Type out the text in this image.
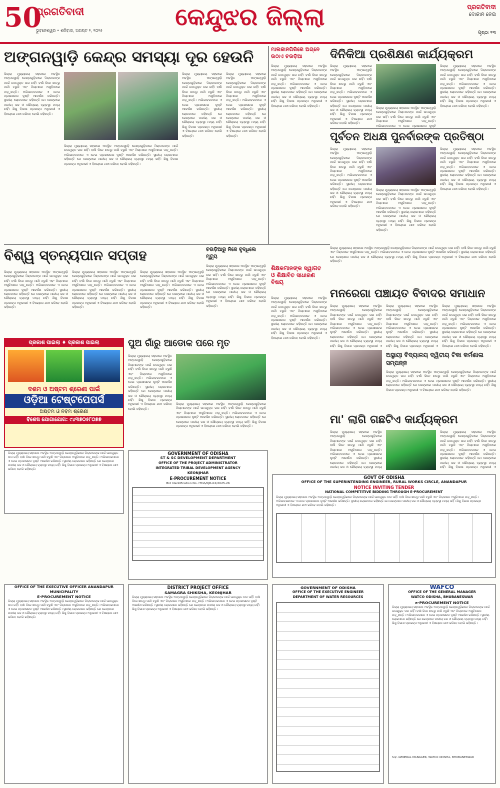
50
ପ୍ରଗତିବାଦୀ
ଭୁବନେଶ୍ୱର • ଶନିବାର, ଅଗଷ୍ଟ ୨, ୨୦୨୫	କେନ୍ଦୁଝର ଜିଲ୍ଲା	ପ୍ରଗତିବାଦୀ
ଦୋକାନ ନେଇ
ପୃଷ୍ଠା ୧୩
ଅଙ୍ଗନୱାଡ଼ି କେନ୍ଦ୍ର ସମସ୍ୟା ଦୂର ହେଉନି
ଜିଲ୍ଲା ମୁଖ୍ୟାଳୟ ସହରରେ ଅବସ୍ଥିତ ଅଙ୍ଗନୱାଡ଼ି କେନ୍ଦ୍ରଗୁଡ଼ିକରେ ପିଲାମାନଙ୍କ ପାଇଁ ଉପଯୁକ୍ତ ଘର ନାହିଁ। ବର୍ଷା ଦିନେ ଛାତରୁ ପାଣି ଝରୁଛି ଏବଂ ପିଲାମାନେ ଅସୁବିଧାରେ ପଡ଼ୁଛନ୍ତି। ଅଭିଭାବକମାନେ ଏ ନେଇ ପ୍ରଶାସନର ଦୃଷ୍ଟି ଆକର୍ଷଣ କରିଛନ୍ତି। ସ୍ଥାନୀୟ ଲୋକମାନେ କହିଛନ୍ତି ଯେ କେନ୍ଦ୍ରରେ ପାନୀୟ ଜଳ ଓ ଶୌଚାଳୟ ବ୍ୟବସ୍ଥା ମଧ୍ୟ ନାହିଁ। ଶିଶୁ ବିକାଶ ପ୍ରକଳ୍ପ ଅଧିକାରୀ ଏ ବିଷୟରେ ଯାଞ୍ଚ କରିବେ ବୋଲି କହିଛନ୍ତି।
ଜିଲ୍ଲା ମୁଖ୍ୟାଳୟ ସହରରେ ଅବସ୍ଥିତ ଅଙ୍ଗନୱାଡ଼ି କେନ୍ଦ୍ରଗୁଡ଼ିକରେ ପିଲାମାନଙ୍କ ପାଇଁ ଉପଯୁକ୍ତ ଘର ନାହିଁ। ବର୍ଷା ଦିନେ ଛାତରୁ ପାଣି ଝରୁଛି ଏବଂ ପିଲାମାନେ ଅସୁବିଧାରେ ପଡ଼ୁଛନ୍ତି। ଅଭିଭାବକମାନେ ଏ ନେଇ ପ୍ରଶାସନର ଦୃଷ୍ଟି ଆକର୍ଷଣ କରିଛନ୍ତି। ସ୍ଥାନୀୟ ଲୋକମାନେ କହିଛନ୍ତି ଯେ କେନ୍ଦ୍ରରେ ପାନୀୟ ଜଳ ଓ ଶୌଚାଳୟ ବ୍ୟବସ୍ଥା ମଧ୍ୟ ନାହିଁ। ଶିଶୁ ବିକାଶ ପ୍ରକଳ୍ପ ଅଧିକାରୀ ଏ ବିଷୟରେ ଯାଞ୍ଚ କରିବେ ବୋଲି କହିଛନ୍ତି।
ଜିଲ୍ଲା ମୁଖ୍ୟାଳୟ ସହରରେ ଅବସ୍ଥିତ ଅଙ୍ଗନୱାଡ଼ି କେନ୍ଦ୍ରଗୁଡ଼ିକରେ ପିଲାମାନଙ୍କ ପାଇଁ ଉପଯୁକ୍ତ ଘର ନାହିଁ। ବର୍ଷା ଦିନେ ଛାତରୁ ପାଣି ଝରୁଛି ଏବଂ ପିଲାମାନେ ଅସୁବିଧାରେ ପଡ଼ୁଛନ୍ତି। ଅଭିଭାବକମାନେ ଏ ନେଇ ପ୍ରଶାସନର ଦୃଷ୍ଟି ଆକର୍ଷଣ କରିଛନ୍ତି। ସ୍ଥାନୀୟ ଲୋକମାନେ କହିଛନ୍ତି ଯେ କେନ୍ଦ୍ରରେ ପାନୀୟ ଜଳ ଓ ଶୌଚାଳୟ ବ୍ୟବସ୍ଥା ମଧ୍ୟ ନାହିଁ। ଶିଶୁ ବିକାଶ ପ୍ରକଳ୍ପ ଅଧିକାରୀ ଏ ବିଷୟରେ ଯାଞ୍ଚ କରିବେ ବୋଲି କହିଛନ୍ତି।
ଜିଲ୍ଲା ମୁଖ୍ୟାଳୟ ସହରରେ ଅବସ୍ଥିତ ଅଙ୍ଗନୱାଡ଼ି କେନ୍ଦ୍ରଗୁଡ଼ିକରେ ପିଲାମାନଙ୍କ ପାଇଁ ଉପଯୁକ୍ତ ଘର ନାହିଁ। ବର୍ଷା ଦିନେ ଛାତରୁ ପାଣି ଝରୁଛି ଏବଂ ପିଲାମାନେ ଅସୁବିଧାରେ ପଡ଼ୁଛନ୍ତି। ଅଭିଭାବକମାନେ ଏ ନେଇ ପ୍ରଶାସନର ଦୃଷ୍ଟି ଆକର୍ଷଣ କରିଛନ୍ତି। ସ୍ଥାନୀୟ ଲୋକମାନେ କହିଛନ୍ତି ଯେ କେନ୍ଦ୍ରରେ ପାନୀୟ ଜଳ ଓ ଶୌଚାଳୟ ବ୍ୟବସ୍ଥା ମଧ୍ୟ ନାହିଁ। ଶିଶୁ ବିକାଶ ପ୍ରକଳ୍ପ ଅଧିକାରୀ ଏ ବିଷୟରେ ଯାଞ୍ଚ କରିବେ ବୋଲି କହିଛନ୍ତି।
ମାଲକାନଗିରିରେ ଅଗ୍ନେ ଉଠାଏ ଚଉଡ଼ିଆ
ଜିଲ୍ଲା ମୁଖ୍ୟାଳୟ ସହରରେ ଅବସ୍ଥିତ ଅଙ୍ଗନୱାଡ଼ି କେନ୍ଦ୍ରଗୁଡ଼ିକରେ ପିଲାମାନଙ୍କ ପାଇଁ ଉପଯୁକ୍ତ ଘର ନାହିଁ। ବର୍ଷା ଦିନେ ଛାତରୁ ପାଣି ଝରୁଛି ଏବଂ ପିଲାମାନେ ଅସୁବିଧାରେ ପଡ଼ୁଛନ୍ତି। ଅଭିଭାବକମାନେ ଏ ନେଇ ପ୍ରଶାସନର ଦୃଷ୍ଟି ଆକର୍ଷଣ କରିଛନ୍ତି। ସ୍ଥାନୀୟ ଲୋକମାନେ କହିଛନ୍ତି ଯେ କେନ୍ଦ୍ରରେ ପାନୀୟ ଜଳ ଓ ଶୌଚାଳୟ ବ୍ୟବସ୍ଥା ମଧ୍ୟ ନାହିଁ। ଶିଶୁ ବିକାଶ ପ୍ରକଳ୍ପ ଅଧିକାରୀ ଏ ବିଷୟରେ ଯାଞ୍ଚ କରିବେ ବୋଲି କହିଛନ୍ତି।
ଦିନିକିଆ ପ୍ରଶିକ୍ଷଣ କାର୍ଯ୍ୟକ୍ରମ
ଜିଲ୍ଲା ମୁଖ୍ୟାଳୟ ସହରରେ ଅବସ୍ଥିତ ଅଙ୍ଗନୱାଡ଼ି କେନ୍ଦ୍ରଗୁଡ଼ିକରେ ପିଲାମାନଙ୍କ ପାଇଁ ଉପଯୁକ୍ତ ଘର ନାହିଁ। ବର୍ଷା ଦିନେ ଛାତରୁ ପାଣି ଝରୁଛି ଏବଂ ପିଲାମାନେ ଅସୁବିଧାରେ ପଡ଼ୁଛନ୍ତି। ଅଭିଭାବକମାନେ ଏ ନେଇ ପ୍ରଶାସନର ଦୃଷ୍ଟି ଆକର୍ଷଣ କରିଛନ୍ତି। ସ୍ଥାନୀୟ ଲୋକମାନେ କହିଛନ୍ତି ଯେ କେନ୍ଦ୍ରରେ ପାନୀୟ ଜଳ ଓ ଶୌଚାଳୟ ବ୍ୟବସ୍ଥା ମଧ୍ୟ ନାହିଁ। ଶିଶୁ ବିକାଶ ପ୍ରକଳ୍ପ ଅଧିକାରୀ ଏ ବିଷୟରେ ଯାଞ୍ଚ କରିବେ ବୋଲି କହିଛନ୍ତି।
ଜିଲ୍ଲା ମୁଖ୍ୟାଳୟ ସହରରେ ଅବସ୍ଥିତ ଅଙ୍ଗନୱାଡ଼ି କେନ୍ଦ୍ରଗୁଡ଼ିକରେ ପିଲାମାନଙ୍କ ପାଇଁ ଉପଯୁକ୍ତ ଘର ନାହିଁ। ବର୍ଷା ଦିନେ ଛାତରୁ ପାଣି ଝରୁଛି ଏବଂ ପିଲାମାନେ ଅସୁବିଧାରେ ପଡ଼ୁଛନ୍ତି। ଅଭିଭାବକମାନେ ଏ ନେଇ ପ୍ରଶାସନର ଦୃଷ୍ଟି ଆକର୍ଷଣ କରିଛନ୍ତି। ସ୍ଥାନୀୟ ଲୋକମାନେ କହିଛନ୍ତି ଯେ କେନ୍ଦ୍ରରେ ପାନୀୟ ଜଳ ଓ ଶୌଚାଳୟ ବ୍ୟବସ୍ଥା ମଧ୍ୟ ନାହିଁ। ଶିଶୁ ବିକାଶ ପ୍ରକଳ୍ପ ଅଧିକାରୀ ଏ ବିଷୟରେ ଯାଞ୍ଚ କରିବେ ବୋଲି କହିଛନ୍ତି।
ଜିଲ୍ଲା ମୁଖ୍ୟାଳୟ ସହରରେ ଅବସ୍ଥିତ ଅଙ୍ଗନୱାଡ଼ି କେନ୍ଦ୍ରଗୁଡ଼ିକରେ ପିଲାମାନଙ୍କ ପାଇଁ ଉପଯୁକ୍ତ ଘର ନାହିଁ। ବର୍ଷା ଦିନେ ଛାତରୁ ପାଣି ଝରୁଛି ଏବଂ ପିଲାମାନେ ଅସୁବିଧାରେ ପଡ଼ୁଛନ୍ତି। ଅଭିଭାବକମାନେ ଏ ନେଇ ପ୍ରଶାସନର ଦୃଷ୍ଟି
ପୂର୍ବତନ ଅଧକ୍ଷ ପୁନର୍ବାରଙ୍କ ପ୍ରତିଷ୍ଠା
ଜିଲ୍ଲା ମୁଖ୍ୟାଳୟ ସହରରେ ଅବସ୍ଥିତ ଅଙ୍ଗନୱାଡ଼ି କେନ୍ଦ୍ରଗୁଡ଼ିକରେ ପିଲାମାନଙ୍କ ପାଇଁ ଉପଯୁକ୍ତ ଘର ନାହିଁ। ବର୍ଷା ଦିନେ ଛାତରୁ ପାଣି ଝରୁଛି ଏବଂ ପିଲାମାନେ ଅସୁବିଧାରେ ପଡ଼ୁଛନ୍ତି। ଅଭିଭାବକମାନେ ଏ ନେଇ ପ୍ରଶାସନର ଦୃଷ୍ଟି ଆକର୍ଷଣ କରିଛନ୍ତି। ସ୍ଥାନୀୟ ଲୋକମାନେ କହିଛନ୍ତି ଯେ କେନ୍ଦ୍ରରେ ପାନୀୟ ଜଳ ଓ ଶୌଚାଳୟ ବ୍ୟବସ୍ଥା ମଧ୍ୟ ନାହିଁ। ଶିଶୁ ବିକାଶ ପ୍ରକଳ୍ପ ଅଧିକାରୀ ଏ ବିଷୟରେ ଯାଞ୍ଚ କରିବେ ବୋଲି କହିଛନ୍ତି।
ଜିଲ୍ଲା ମୁଖ୍ୟାଳୟ ସହରରେ ଅବସ୍ଥିତ ଅଙ୍ଗନୱାଡ଼ି କେନ୍ଦ୍ରଗୁଡ଼ିକରେ ପିଲାମାନଙ୍କ ପାଇଁ ଉପଯୁକ୍ତ ଘର ନାହିଁ। ବର୍ଷା ଦିନେ ଛାତରୁ ପାଣି ଝରୁଛି ଏବଂ ପିଲାମାନେ ଅସୁବିଧାରେ ପଡ଼ୁଛନ୍ତି। ଅଭିଭାବକମାନେ ଏ ନେଇ ପ୍ରଶାସନର ଦୃଷ୍ଟି ଆକର୍ଷଣ କରିଛନ୍ତି। ସ୍ଥାନୀୟ ଲୋକମାନେ କହିଛନ୍ତି ଯେ କେନ୍ଦ୍ରରେ ପାନୀୟ ଜଳ ଓ ଶୌଚାଳୟ ବ୍ୟବସ୍ଥା ମଧ୍ୟ ନାହିଁ। ଶିଶୁ ବିକାଶ ପ୍ରକଳ୍ପ ଅଧିକାରୀ ଏ ବିଷୟରେ ଯାଞ୍ଚ କରିବେ ବୋଲି କହିଛନ୍ତି।
ଜିଲ୍ଲା ମୁଖ୍ୟାଳୟ ସହରରେ ଅବସ୍ଥିତ ଅଙ୍ଗନୱାଡ଼ି କେନ୍ଦ୍ରଗୁଡ଼ିକରେ ପିଲାମାନଙ୍କ ପାଇଁ ଉପଯୁକ୍ତ ଘର ନାହିଁ। ବର୍ଷା ଦିନେ ଛାତରୁ ପାଣି ଝରୁଛି ଏବଂ ପିଲାମାନେ ଅସୁବିଧାରେ ପଡ଼ୁଛନ୍ତି। ଅଭିଭାବକମାନେ ଏ ନେଇ ପ୍ରଶାସନର ଦୃଷ୍ଟି ଆକର୍ଷଣ କରିଛନ୍ତି। ସ୍ଥାନୀୟ ଲୋକମାନେ କହିଛନ୍ତି ଯେ କେନ୍ଦ୍ରରେ ପାନୀୟ ଜଳ ଓ ଶୌଚାଳୟ ବ୍ୟବସ୍ଥା ମଧ୍ୟ ନାହିଁ। ଶିଶୁ ବିକାଶ ପ୍ରକଳ୍ପ ଅଧିକାରୀ ଏ ବିଷୟରେ ଯାଞ୍ଚ କରିବେ ବୋଲି କହିଛନ୍ତି।
ବିଶ୍ୱ ସ୍ତନ୍ୟପାନ ସପ୍ତାହ	ଚଉଡ଼ିଆରୁ ନିଜେ ବୃଦ୍ଧିଲେ ମୃତ୍ୟୁ
ଜିଲ୍ଲା ମୁଖ୍ୟାଳୟ ସହରରେ ଅବସ୍ଥିତ ଅଙ୍ଗନୱାଡ଼ି କେନ୍ଦ୍ରଗୁଡ଼ିକରେ ପିଲାମାନଙ୍କ ପାଇଁ ଉପଯୁକ୍ତ ଘର ନାହିଁ। ବର୍ଷା ଦିନେ ଛାତରୁ ପାଣି ଝରୁଛି ଏବଂ ପିଲାମାନେ ଅସୁବିଧାରେ ପଡ଼ୁଛନ୍ତି। ଅଭିଭାବକମାନେ ଏ ନେଇ ପ୍ରଶାସନର ଦୃଷ୍ଟି ଆକର୍ଷଣ କରିଛନ୍ତି। ସ୍ଥାନୀୟ ଲୋକମାନେ କହିଛନ୍ତି ଯେ କେନ୍ଦ୍ରରେ ପାନୀୟ ଜଳ ଓ ଶୌଚାଳୟ ବ୍ୟବସ୍ଥା ମଧ୍ୟ ନାହିଁ। ଶିଶୁ ବିକାଶ ପ୍ରକଳ୍ପ ଅଧିକାରୀ ଏ ବିଷୟରେ ଯାଞ୍ଚ କରିବେ ବୋଲି କହିଛନ୍ତି।
ଜିଲ୍ଲା ମୁଖ୍ୟାଳୟ ସହରରେ ଅବସ୍ଥିତ ଅଙ୍ଗନୱାଡ଼ି କେନ୍ଦ୍ରଗୁଡ଼ିକରେ ପିଲାମାନଙ୍କ ପାଇଁ ଉପଯୁକ୍ତ ଘର ନାହିଁ। ବର୍ଷା ଦିନେ ଛାତରୁ ପାଣି ଝରୁଛି ଏବଂ ପିଲାମାନେ ଅସୁବିଧାରେ ପଡ଼ୁଛନ୍ତି। ଅଭିଭାବକମାନେ ଏ ନେଇ ପ୍ରଶାସନର ଦୃଷ୍ଟି ଆକର୍ଷଣ କରିଛନ୍ତି। ସ୍ଥାନୀୟ ଲୋକମାନେ କହିଛନ୍ତି ଯେ କେନ୍ଦ୍ରରେ ପାନୀୟ ଜଳ ଓ ଶୌଚାଳୟ ବ୍ୟବସ୍ଥା ମଧ୍ୟ ନାହିଁ। ଶିଶୁ ବିକାଶ ପ୍ରକଳ୍ପ ଅଧିକାରୀ ଏ ବିଷୟରେ ଯାଞ୍ଚ କରିବେ ବୋଲି କହିଛନ୍ତି।
ଜିଲ୍ଲା ମୁଖ୍ୟାଳୟ ସହରରେ ଅବସ୍ଥିତ ଅଙ୍ଗନୱାଡ଼ି କେନ୍ଦ୍ରଗୁଡ଼ିକରେ ପିଲାମାନଙ୍କ ପାଇଁ ଉପଯୁକ୍ତ ଘର ନାହିଁ। ବର୍ଷା ଦିନେ ଛାତରୁ ପାଣି ଝରୁଛି ଏବଂ ପିଲାମାନେ ଅସୁବିଧାରେ ପଡ଼ୁଛନ୍ତି। ଅଭିଭାବକମାନେ ଏ ନେଇ ପ୍ରଶାସନର ଦୃଷ୍ଟି ଆକର୍ଷଣ କରିଛନ୍ତି। ସ୍ଥାନୀୟ ଲୋକମାନେ କହିଛନ୍ତି ଯେ କେନ୍ଦ୍ରରେ ପାନୀୟ ଜଳ ଓ ଶୌଚାଳୟ ବ୍ୟବସ୍ଥା ମଧ୍ୟ ନାହିଁ। ଶିଶୁ ବିକାଶ ପ୍ରକଳ୍ପ ଅଧିକାରୀ ଏ ବିଷୟରେ ଯାଞ୍ଚ କରିବେ ବୋଲି କହିଛନ୍ତି।
ଜିଲ୍ଲା ମୁଖ୍ୟାଳୟ ସହରରେ ଅବସ୍ଥିତ ଅଙ୍ଗନୱାଡ଼ି କେନ୍ଦ୍ରଗୁଡ଼ିକରେ ପିଲାମାନଙ୍କ ପାଇଁ ଉପଯୁକ୍ତ ଘର ନାହିଁ। ବର୍ଷା ଦିନେ ଛାତରୁ ପାଣି ଝରୁଛି ଏବଂ ପିଲାମାନେ ଅସୁବିଧାରେ ପଡ଼ୁଛନ୍ତି। ଅଭିଭାବକମାନେ ଏ ନେଇ ପ୍ରଶାସନର ଦୃଷ୍ଟି ଆକର୍ଷଣ କରିଛନ୍ତି। ସ୍ଥାନୀୟ ଲୋକମାନେ କହିଛନ୍ତି ଯେ କେନ୍ଦ୍ରରେ ପାନୀୟ ଜଳ ଓ ଶୌଚାଳୟ ବ୍ୟବସ୍ଥା ମଧ୍ୟ ନାହିଁ। ଶିଶୁ ବିକାଶ ପ୍ରକଳ୍ପ ଅଧିକାରୀ ଏ ବିଷୟରେ ଯାଞ୍ଚ କରିବେ ବୋଲି କହିଛନ୍ତି।
ଶିକ୍ଷକମାନଙ୍କ ସ୍ୱାଗତ ଓ ଶିକ୍ଷାବିତ ସାଧାରଣ ବିଷୟ
ଜିଲ୍ଲା ମୁଖ୍ୟାଳୟ ସହରରେ ଅବସ୍ଥିତ ଅଙ୍ଗନୱାଡ଼ି କେନ୍ଦ୍ରଗୁଡ଼ିକରେ ପିଲାମାନଙ୍କ ପାଇଁ ଉପଯୁକ୍ତ ଘର ନାହିଁ। ବର୍ଷା ଦିନେ ଛାତରୁ ପାଣି ଝରୁଛି ଏବଂ ପିଲାମାନେ ଅସୁବିଧାରେ ପଡ଼ୁଛନ୍ତି। ଅଭିଭାବକମାନେ ଏ ନେଇ ପ୍ରଶାସନର ଦୃଷ୍ଟି ଆକର୍ଷଣ କରିଛନ୍ତି। ସ୍ଥାନୀୟ ଲୋକମାନେ କହିଛନ୍ତି ଯେ କେନ୍ଦ୍ରରେ ପାନୀୟ ଜଳ ଓ ଶୌଚାଳୟ ବ୍ୟବସ୍ଥା ମଧ୍ୟ ନାହିଁ। ଶିଶୁ ବିକାଶ ପ୍ରକଳ୍ପ ଅଧିକାରୀ ଏ ବିଷୟରେ ଯାଞ୍ଚ କରିବେ ବୋଲି କହିଛନ୍ତି।
ଜିଲ୍ଲା ମୁଖ୍ୟାଳୟ ସହରରେ ଅବସ୍ଥିତ ଅଙ୍ଗନୱାଡ଼ି କେନ୍ଦ୍ରଗୁଡ଼ିକରେ ପିଲାମାନଙ୍କ ପାଇଁ ଉପଯୁକ୍ତ ଘର ନାହିଁ। ବର୍ଷା ଦିନେ ଛାତରୁ ପାଣି ଝରୁଛି ଏବଂ ପିଲାମାନେ ଅସୁବିଧାରେ ପଡ଼ୁଛନ୍ତି। ଅଭିଭାବକମାନେ ଏ ନେଇ ପ୍ରଶାସନର ଦୃଷ୍ଟି ଆକର୍ଷଣ କରିଛନ୍ତି। ସ୍ଥାନୀୟ ଲୋକମାନେ କହିଛନ୍ତି ଯେ କେନ୍ଦ୍ରରେ ପାନୀୟ ଜଳ ଓ ଶୌଚାଳୟ ବ୍ୟବସ୍ଥା ମଧ୍ୟ ନାହିଁ। ଶିଶୁ ବିକାଶ ପ୍ରକଳ୍ପ ଅଧିକାରୀ ଏ ବିଷୟରେ ଯାଞ୍ଚ କରିବେ ବୋଲି କହିଛନ୍ତି।
ମନରେଗା ପଞ୍ଚାୟତ ବିବାଦର ସମାଧାନ
ଜିଲ୍ଲା ମୁଖ୍ୟାଳୟ ସହରରେ ଅବସ୍ଥିତ ଅଙ୍ଗନୱାଡ଼ି କେନ୍ଦ୍ରଗୁଡ଼ିକରେ ପିଲାମାନଙ୍କ ପାଇଁ ଉପଯୁକ୍ତ ଘର ନାହିଁ। ବର୍ଷା ଦିନେ ଛାତରୁ ପାଣି ଝରୁଛି ଏବଂ ପିଲାମାନେ ଅସୁବିଧାରେ ପଡ଼ୁଛନ୍ତି। ଅଭିଭାବକମାନେ ଏ ନେଇ ପ୍ରଶାସନର ଦୃଷ୍ଟି ଆକର୍ଷଣ କରିଛନ୍ତି। ସ୍ଥାନୀୟ ଲୋକମାନେ କହିଛନ୍ତି ଯେ କେନ୍ଦ୍ରରେ ପାନୀୟ ଜଳ ଓ ଶୌଚାଳୟ ବ୍ୟବସ୍ଥା ମଧ୍ୟ ନାହିଁ। ଶିଶୁ ବିକାଶ ପ୍ରକଳ୍ପ ଅଧିକାରୀ ଏ
ଜିଲ୍ଲା ମୁଖ୍ୟାଳୟ ସହରରେ ଅବସ୍ଥିତ ଅଙ୍ଗନୱାଡ଼ି କେନ୍ଦ୍ରଗୁଡ଼ିକରେ ପିଲାମାନଙ୍କ ପାଇଁ ଉପଯୁକ୍ତ ଘର ନାହିଁ। ବର୍ଷା ଦିନେ ଛାତରୁ ପାଣି ଝରୁଛି ଏବଂ ପିଲାମାନେ ଅସୁବିଧାରେ ପଡ଼ୁଛନ୍ତି। ଅଭିଭାବକମାନେ ଏ ନେଇ ପ୍ରଶାସନର ଦୃଷ୍ଟି ଆକର୍ଷଣ କରିଛନ୍ତି। ସ୍ଥାନୀୟ ଲୋକମାନେ କହିଛନ୍ତି ଯେ କେନ୍ଦ୍ରରେ ପାନୀୟ ଜଳ ଓ ଶୌଚାଳୟ ବ୍ୟବସ୍ଥା ମଧ୍ୟ ନାହିଁ। ଶିଶୁ ବିକାଶ ପ୍ରକଳ୍ପ ଅଧିକାରୀ ଏ
ଜିଲ୍ଲା ମୁଖ୍ୟାଳୟ ସହରରେ ଅବସ୍ଥିତ ଅଙ୍ଗନୱାଡ଼ି କେନ୍ଦ୍ରଗୁଡ଼ିକରେ ପିଲାମାନଙ୍କ ପାଇଁ ଉପଯୁକ୍ତ ଘର ନାହିଁ। ବର୍ଷା ଦିନେ ଛାତରୁ ପାଣି ଝରୁଛି ଏବଂ ପିଲାମାନେ ଅସୁବିଧାରେ ପଡ଼ୁଛନ୍ତି। ଅଭିଭାବକମାନେ ଏ ନେଇ ପ୍ରଶାସନର ଦୃଷ୍ଟି ଆକର୍ଷଣ କରିଛନ୍ତି। ସ୍ଥାନୀୟ ଲୋକମାନେ କହିଛନ୍ତି ଯେ କେନ୍ଦ୍ରରେ ପାନୀୟ ଜଳ ଓ ଶୌଚାଳୟ ବ୍ୟବସ୍ଥା ମଧ୍ୟ ନାହିଁ। ଶିଶୁ ବିକାଶ ପ୍ରକଳ୍ପ ଅଧିକାରୀ ଏ ବିଷୟରେ ଯାଞ୍ଚ କରିବେ ବୋଲି କହିଛନ୍ତି।
ପ୍ରକାଶ ପାଇଲା ♦ ପ୍ରକାଶ ପାଇଲା
ଦଶମ ଓ ଅଷ୍ଟମ ଶ୍ରେଣୀ ପାଇଁ
ଓଡ଼ିଆ ଟେଷ୍ଟପେପର୍ସ
ଅଷ୍ଟମ ଓ ନବମ ଶ୍ରେଣୀ
ବିଶେଷ ଯୋଗାଯୋଗ: ୯୪୩୭୦୫୮୦୭୭
ପୁଅ ଗାଁରୁ ଆଡୋକ ପରେ ମୃତ
ଜିଲ୍ଲା ମୁଖ୍ୟାଳୟ ସହରରେ ଅବସ୍ଥିତ ଅଙ୍ଗନୱାଡ଼ି କେନ୍ଦ୍ରଗୁଡ଼ିକରେ ପିଲାମାନଙ୍କ ପାଇଁ ଉପଯୁକ୍ତ ଘର ନାହିଁ। ବର୍ଷା ଦିନେ ଛାତରୁ ପାଣି ଝରୁଛି ଏବଂ ପିଲାମାନେ ଅସୁବିଧାରେ ପଡ଼ୁଛନ୍ତି। ଅଭିଭାବକମାନେ ଏ ନେଇ ପ୍ରଶାସନର ଦୃଷ୍ଟି ଆକର୍ଷଣ କରିଛନ୍ତି। ସ୍ଥାନୀୟ ଲୋକମାନେ କହିଛନ୍ତି ଯେ କେନ୍ଦ୍ରରେ ପାନୀୟ ଜଳ ଓ ଶୌଚାଳୟ ବ୍ୟବସ୍ଥା ମଧ୍ୟ ନାହିଁ। ଶିଶୁ ବିକାଶ ପ୍ରକଳ୍ପ ଅଧିକାରୀ ଏ ବିଷୟରେ ଯାଞ୍ଚ କରିବେ ବୋଲି କହିଛନ୍ତି।
ଜିଲ୍ଲା ମୁଖ୍ୟାଳୟ ସହରରେ ଅବସ୍ଥିତ ଅଙ୍ଗନୱାଡ଼ି କେନ୍ଦ୍ରଗୁଡ଼ିକରେ ପିଲାମାନଙ୍କ ପାଇଁ ଉପଯୁକ୍ତ ଘର ନାହିଁ। ବର୍ଷା ଦିନେ ଛାତରୁ ପାଣି ଝରୁଛି ଏବଂ ପିଲାମାନେ ଅସୁବିଧାରେ ପଡ଼ୁଛନ୍ତି। ଅଭିଭାବକମାନେ ଏ ନେଇ ପ୍ରଶାସନର ଦୃଷ୍ଟି ଆକର୍ଷଣ କରିଛନ୍ତି। ସ୍ଥାନୀୟ ଲୋକମାନେ କହିଛନ୍ତି ଯେ କେନ୍ଦ୍ରରେ ପାନୀୟ ଜଳ ଓ ଶୌଚାଳୟ ବ୍ୟବସ୍ଥା ମଧ୍ୟ ନାହିଁ। ଶିଶୁ ବିକାଶ ପ୍ରକଳ୍ପ ଅଧିକାରୀ ଏ ବିଷୟରେ ଯାଞ୍ଚ କରିବେ ବୋଲି କହିଛନ୍ତି।
ଅସ୍ଥାୟୀ ବିଦ୍ୟାଳୟ ଦ୍ୱିତୀୟ ଟିକା କର୍ମଶାଳା ସମ୍ପନ୍ନ
ଜିଲ୍ଲା ମୁଖ୍ୟାଳୟ ସହରରେ ଅବସ୍ଥିତ ଅଙ୍ଗନୱାଡ଼ି କେନ୍ଦ୍ରଗୁଡ଼ିକରେ ପିଲାମାନଙ୍କ ପାଇଁ ଉପଯୁକ୍ତ ଘର ନାହିଁ। ବର୍ଷା ଦିନେ ଛାତରୁ ପାଣି ଝରୁଛି ଏବଂ ପିଲାମାନେ ଅସୁବିଧାରେ ପଡ଼ୁଛନ୍ତି। ଅଭିଭାବକମାନେ ଏ ନେଇ ପ୍ରଶାସନର ଦୃଷ୍ଟି ଆକର୍ଷଣ କରିଛନ୍ତି। ସ୍ଥାନୀୟ ଲୋକମାନେ କହିଛନ୍ତି ଯେ କେନ୍ଦ୍ରରେ ପାନୀୟ ଜଳ ଓ ଶୌଚାଳୟ ବ୍ୟବସ୍ଥା ମଧ୍ୟ ନାହିଁ। ଶିଶୁ ବିକାଶ ପ୍ରକଳ୍ପ ଅଧିକାରୀ ଏ ବିଷୟରେ ଯାଞ୍ଚ କରିବେ ବୋଲି କହିଛନ୍ତି।
ମା' ଲାଗି ଗଛଟିଏ କାର୍ଯ୍ୟକ୍ରମ
ଜିଲ୍ଲା ମୁଖ୍ୟାଳୟ ସହରରେ ଅବସ୍ଥିତ ଅଙ୍ଗନୱାଡ଼ି କେନ୍ଦ୍ରଗୁଡ଼ିକରେ ପିଲାମାନଙ୍କ ପାଇଁ ଉପଯୁକ୍ତ ଘର ନାହିଁ। ବର୍ଷା ଦିନେ ଛାତରୁ ପାଣି ଝରୁଛି ଏବଂ ପିଲାମାନେ ଅସୁବିଧାରେ ପଡ଼ୁଛନ୍ତି। ଅଭିଭାବକମାନେ ଏ ନେଇ ପ୍ରଶାସନର ଦୃଷ୍ଟି ଆକର୍ଷଣ କରିଛନ୍ତି। ସ୍ଥାନୀୟ ଲୋକମାନେ କହିଛନ୍ତି ଯେ କେନ୍ଦ୍ରରେ ପାନୀୟ ଜଳ ଓ ଶୌଚାଳୟ ବ୍ୟବସ୍ଥା ମଧ୍ୟ
ଜିଲ୍ଲା ମୁଖ୍ୟାଳୟ ସହରରେ ଅବସ୍ଥିତ ଅଙ୍ଗନୱାଡ଼ି କେନ୍ଦ୍ରଗୁଡ଼ିକରେ ପିଲାମାନଙ୍କ ପାଇଁ ଉପଯୁକ୍ତ ଘର ନାହିଁ। ବର୍ଷା ଦିନେ ଛାତରୁ ପାଣି ଝରୁଛି ଏବଂ ପିଲାମାନେ ଅସୁବିଧାରେ ପଡ଼ୁଛନ୍ତି। ଅଭିଭାବକମାନେ ଏ ନେଇ ପ୍ରଶାସନର ଦୃଷ୍ଟି ଆକର୍ଷଣ କରିଛନ୍ତି। ସ୍ଥାନୀୟ ଲୋକମାନେ କହିଛନ୍ତି ଯେ କେନ୍ଦ୍ରରେ ପାନୀୟ ଜଳ ଓ ଶୌଚାଳୟ ବ୍ୟବସ୍ଥା ମଧ୍ୟ ନାହିଁ। ଶିଶୁ ବିକାଶ ପ୍ରକଳ୍ପ ଅଧିକାରୀ ଏ
ଜିଲ୍ଲା ମୁଖ୍ୟାଳୟ ସହରରେ ଅବସ୍ଥିତ ଅଙ୍ଗନୱାଡ଼ି କେନ୍ଦ୍ରଗୁଡ଼ିକରେ ପିଲାମାନଙ୍କ ପାଇଁ ଉପଯୁକ୍ତ ଘର ନାହିଁ। ବର୍ଷା ଦିନେ ଛାତରୁ ପାଣି ଝରୁଛି ଏବଂ ପିଲାମାନେ ଅସୁବିଧାରେ ପଡ଼ୁଛନ୍ତି। ଅଭିଭାବକମାନେ ଏ ନେଇ ପ୍ରଶାସନର ଦୃଷ୍ଟି ଆକର୍ଷଣ କରିଛନ୍ତି। ସ୍ଥାନୀୟ ଲୋକମାନେ କହିଛନ୍ତି ଯେ କେନ୍ଦ୍ରରେ ପାନୀୟ ଜଳ ଓ ଶୌଚାଳୟ ବ୍ୟବସ୍ଥା ମଧ୍ୟ ନାହିଁ। ଶିଶୁ ବିକାଶ ପ୍ରକଳ୍ପ ଅଧିକାରୀ ଏ ବିଷୟରେ ଯାଞ୍ଚ କରିବେ ବୋଲି କହିଛନ୍ତି।
GOVERNMENT OF ODISHA
ST & SC DEVELOPMENT DEPARTMENT
OFFICE OF THE PROJECT ADMINISTRATOR
INTEGRATED TRIBAL DEVELOPMENT AGENCY
KEONJHAR
E-PROCUREMENT NOTICE
Bid Identification No. ITDA/KJR-02/2025-26
GOVT OF ODISHA
OFFICE OF THE SUPERINTENDING ENGINEER, RURAL WORKS CIRCLE, ANANDAPUR
NOTICE INVITING TENDER
NATIONAL COMPETITIVE BIDDING THROUGH E-PROCUREMENT
ଜିଲ୍ଲା ମୁଖ୍ୟାଳୟ ସହରରେ ଅବସ୍ଥିତ ଅଙ୍ଗନୱାଡ଼ି କେନ୍ଦ୍ରଗୁଡ଼ିକରେ ପିଲାମାନଙ୍କ ପାଇଁ ଉପଯୁକ୍ତ ଘର ନାହିଁ। ବର୍ଷା ଦିନେ ଛାତରୁ ପାଣି ଝରୁଛି ଏବଂ ପିଲାମାନେ ଅସୁବିଧାରେ ପଡ଼ୁଛନ୍ତି। ଅଭିଭାବକମାନେ ଏ ନେଇ ପ୍ରଶାସନର ଦୃଷ୍ଟି ଆକର୍ଷଣ କରିଛନ୍ତି। ସ୍ଥାନୀୟ ଲୋକମାନେ କହିଛନ୍ତି ଯେ କେନ୍ଦ୍ରରେ ପାନୀୟ ଜଳ ଓ ଶୌଚାଳୟ ବ୍ୟବସ୍ଥା ମଧ୍ୟ ନାହିଁ। ଶିଶୁ ବିକାଶ ପ୍ରକଳ୍ପ ଅଧିକାରୀ ଏ ବିଷୟରେ ଯାଞ୍ଚ କରିବେ ବୋଲି କହିଛନ୍ତି।
OFFICE OF THE EXECUTIVE OFFICER ANANDAPUR MUNICIPALITY
E-PROCUREMENT NOTICE
ଜିଲ୍ଲା ମୁଖ୍ୟାଳୟ ସହରରେ ଅବସ୍ଥିତ ଅଙ୍ଗନୱାଡ଼ି କେନ୍ଦ୍ରଗୁଡ଼ିକରେ ପିଲାମାନଙ୍କ ପାଇଁ ଉପଯୁକ୍ତ ଘର ନାହିଁ। ବର୍ଷା ଦିନେ ଛାତରୁ ପାଣି ଝରୁଛି ଏବଂ ପିଲାମାନେ ଅସୁବିଧାରେ ପଡ଼ୁଛନ୍ତି। ଅଭିଭାବକମାନେ ଏ ନେଇ ପ୍ରଶାସନର ଦୃଷ୍ଟି ଆକର୍ଷଣ କରିଛନ୍ତି। ସ୍ଥାନୀୟ ଲୋକମାନେ କହିଛନ୍ତି ଯେ କେନ୍ଦ୍ରରେ ପାନୀୟ ଜଳ ଓ ଶୌଚାଳୟ ବ୍ୟବସ୍ଥା ମଧ୍ୟ ନାହିଁ। ଶିଶୁ ବିକାଶ ପ୍ରକଳ୍ପ ଅଧିକାରୀ ଏ ବିଷୟରେ ଯାଞ୍ଚ କରିବେ ବୋଲି କହିଛନ୍ତି।
DISTRICT PROJECT OFFICE
SAMAGRA SHIKSHA, KEONJHAR
ଜିଲ୍ଲା ମୁଖ୍ୟାଳୟ ସହରରେ ଅବସ୍ଥିତ ଅଙ୍ଗନୱାଡ଼ି କେନ୍ଦ୍ରଗୁଡ଼ିକରେ ପିଲାମାନଙ୍କ ପାଇଁ ଉପଯୁକ୍ତ ଘର ନାହିଁ। ବର୍ଷା ଦିନେ ଛାତରୁ ପାଣି ଝରୁଛି ଏବଂ ପିଲାମାନେ ଅସୁବିଧାରେ ପଡ଼ୁଛନ୍ତି। ଅଭିଭାବକମାନେ ଏ ନେଇ ପ୍ରଶାସନର ଦୃଷ୍ଟି ଆକର୍ଷଣ କରିଛନ୍ତି। ସ୍ଥାନୀୟ ଲୋକମାନେ କହିଛନ୍ତି ଯେ କେନ୍ଦ୍ରରେ ପାନୀୟ ଜଳ ଓ ଶୌଚାଳୟ ବ୍ୟବସ୍ଥା ମଧ୍ୟ ନାହିଁ। ଶିଶୁ ବିକାଶ ପ୍ରକଳ୍ପ ଅଧିକାରୀ ଏ ବିଷୟରେ ଯାଞ୍ଚ କରିବେ ବୋଲି କହିଛନ୍ତି।
GOVERNMENT OF ODISHA
OFFICE OF THE EXECUTIVE ENGINEER
DEPARTMENT OF WATER RESOURCES
WAFCO
OFFICE OF THE GENERAL MANAGER
WATCO ODISHA, BHUBANESWAR
e-PROCUREMENT NOTICE
ଜିଲ୍ଲା ମୁଖ୍ୟାଳୟ ସହରରେ ଅବସ୍ଥିତ ଅଙ୍ଗନୱାଡ଼ି କେନ୍ଦ୍ରଗୁଡ଼ିକରେ ପିଲାମାନଙ୍କ ପାଇଁ ଉପଯୁକ୍ତ ଘର ନାହିଁ। ବର୍ଷା ଦିନେ ଛାତରୁ ପାଣି ଝରୁଛି ଏବଂ ପିଲାମାନେ ଅସୁବିଧାରେ ପଡ଼ୁଛନ୍ତି। ଅଭିଭାବକମାନେ ଏ ନେଇ ପ୍ରଶାସନର ଦୃଷ୍ଟି ଆକର୍ଷଣ କରିଛନ୍ତି। ସ୍ଥାନୀୟ ଲୋକମାନେ କହିଛନ୍ତି ଯେ କେନ୍ଦ୍ରରେ ପାନୀୟ ଜଳ ଓ ଶୌଚାଳୟ ବ୍ୟବସ୍ଥା ମଧ୍ୟ ନାହିଁ। ଶିଶୁ ବିକାଶ ପ୍ରକଳ୍ପ ଅଧିକାରୀ ଏ ବିଷୟରେ ଯାଞ୍ଚ କରିବେ ବୋଲି କହିଛନ୍ତି।
Sd/- GENERAL MANAGER, WATCO ODISHA, BHUBANESWAR
